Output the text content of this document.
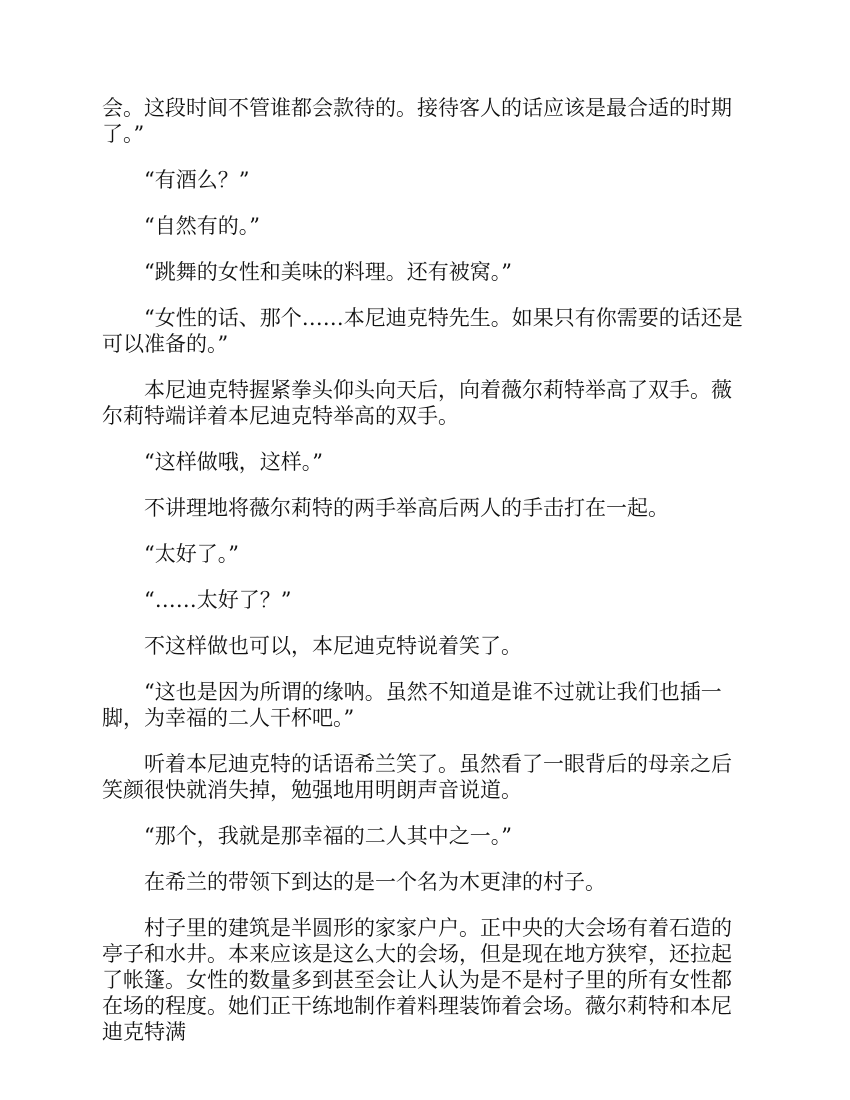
会。这段时间不管谁都会款待的。接待客人的话应该是最合适的时期了。”

“有酒么？”

“自然有的。”

“跳舞的女性和美味的料理。还有被窝。”

“女性的话、那个……本尼迪克特先生。如果只有你需要的话还是可以准备的。”

本尼迪克特握紧拳头仰头向天后，向着薇尔莉特举高了双手。薇尔莉特端详着本尼迪克特举高的双手。

“这样做哦，这样。”

不讲理地将薇尔莉特的两手举高后两人的手击打在一起。

“太好了。”

“……太好了？”

不这样做也可以，本尼迪克特说着笑了。

“这也是因为所谓的缘呐。虽然不知道是谁不过就让我们也插一脚，为幸福的二人干杯吧。”

听着本尼迪克特的话语希兰笑了。虽然看了一眼背后的母亲之后笑颜很快就消失掉，勉强地用明朗声音说道。

“那个，我就是那幸福的二人其中之一。”

在希兰的带领下到达的是一个名为木更津的村子。

村子里的建筑是半圆形的家家户户。正中央的大会场有着石造的亭子和水井。本来应该是这么大的会场，但是现在地方狭窄，还拉起了帐篷。女性的数量多到甚至会让人认为是不是村子里的所有女性都在场的程度。她们正干练地制作着料理装饰着会场。薇尔莉特和本尼迪克特满
